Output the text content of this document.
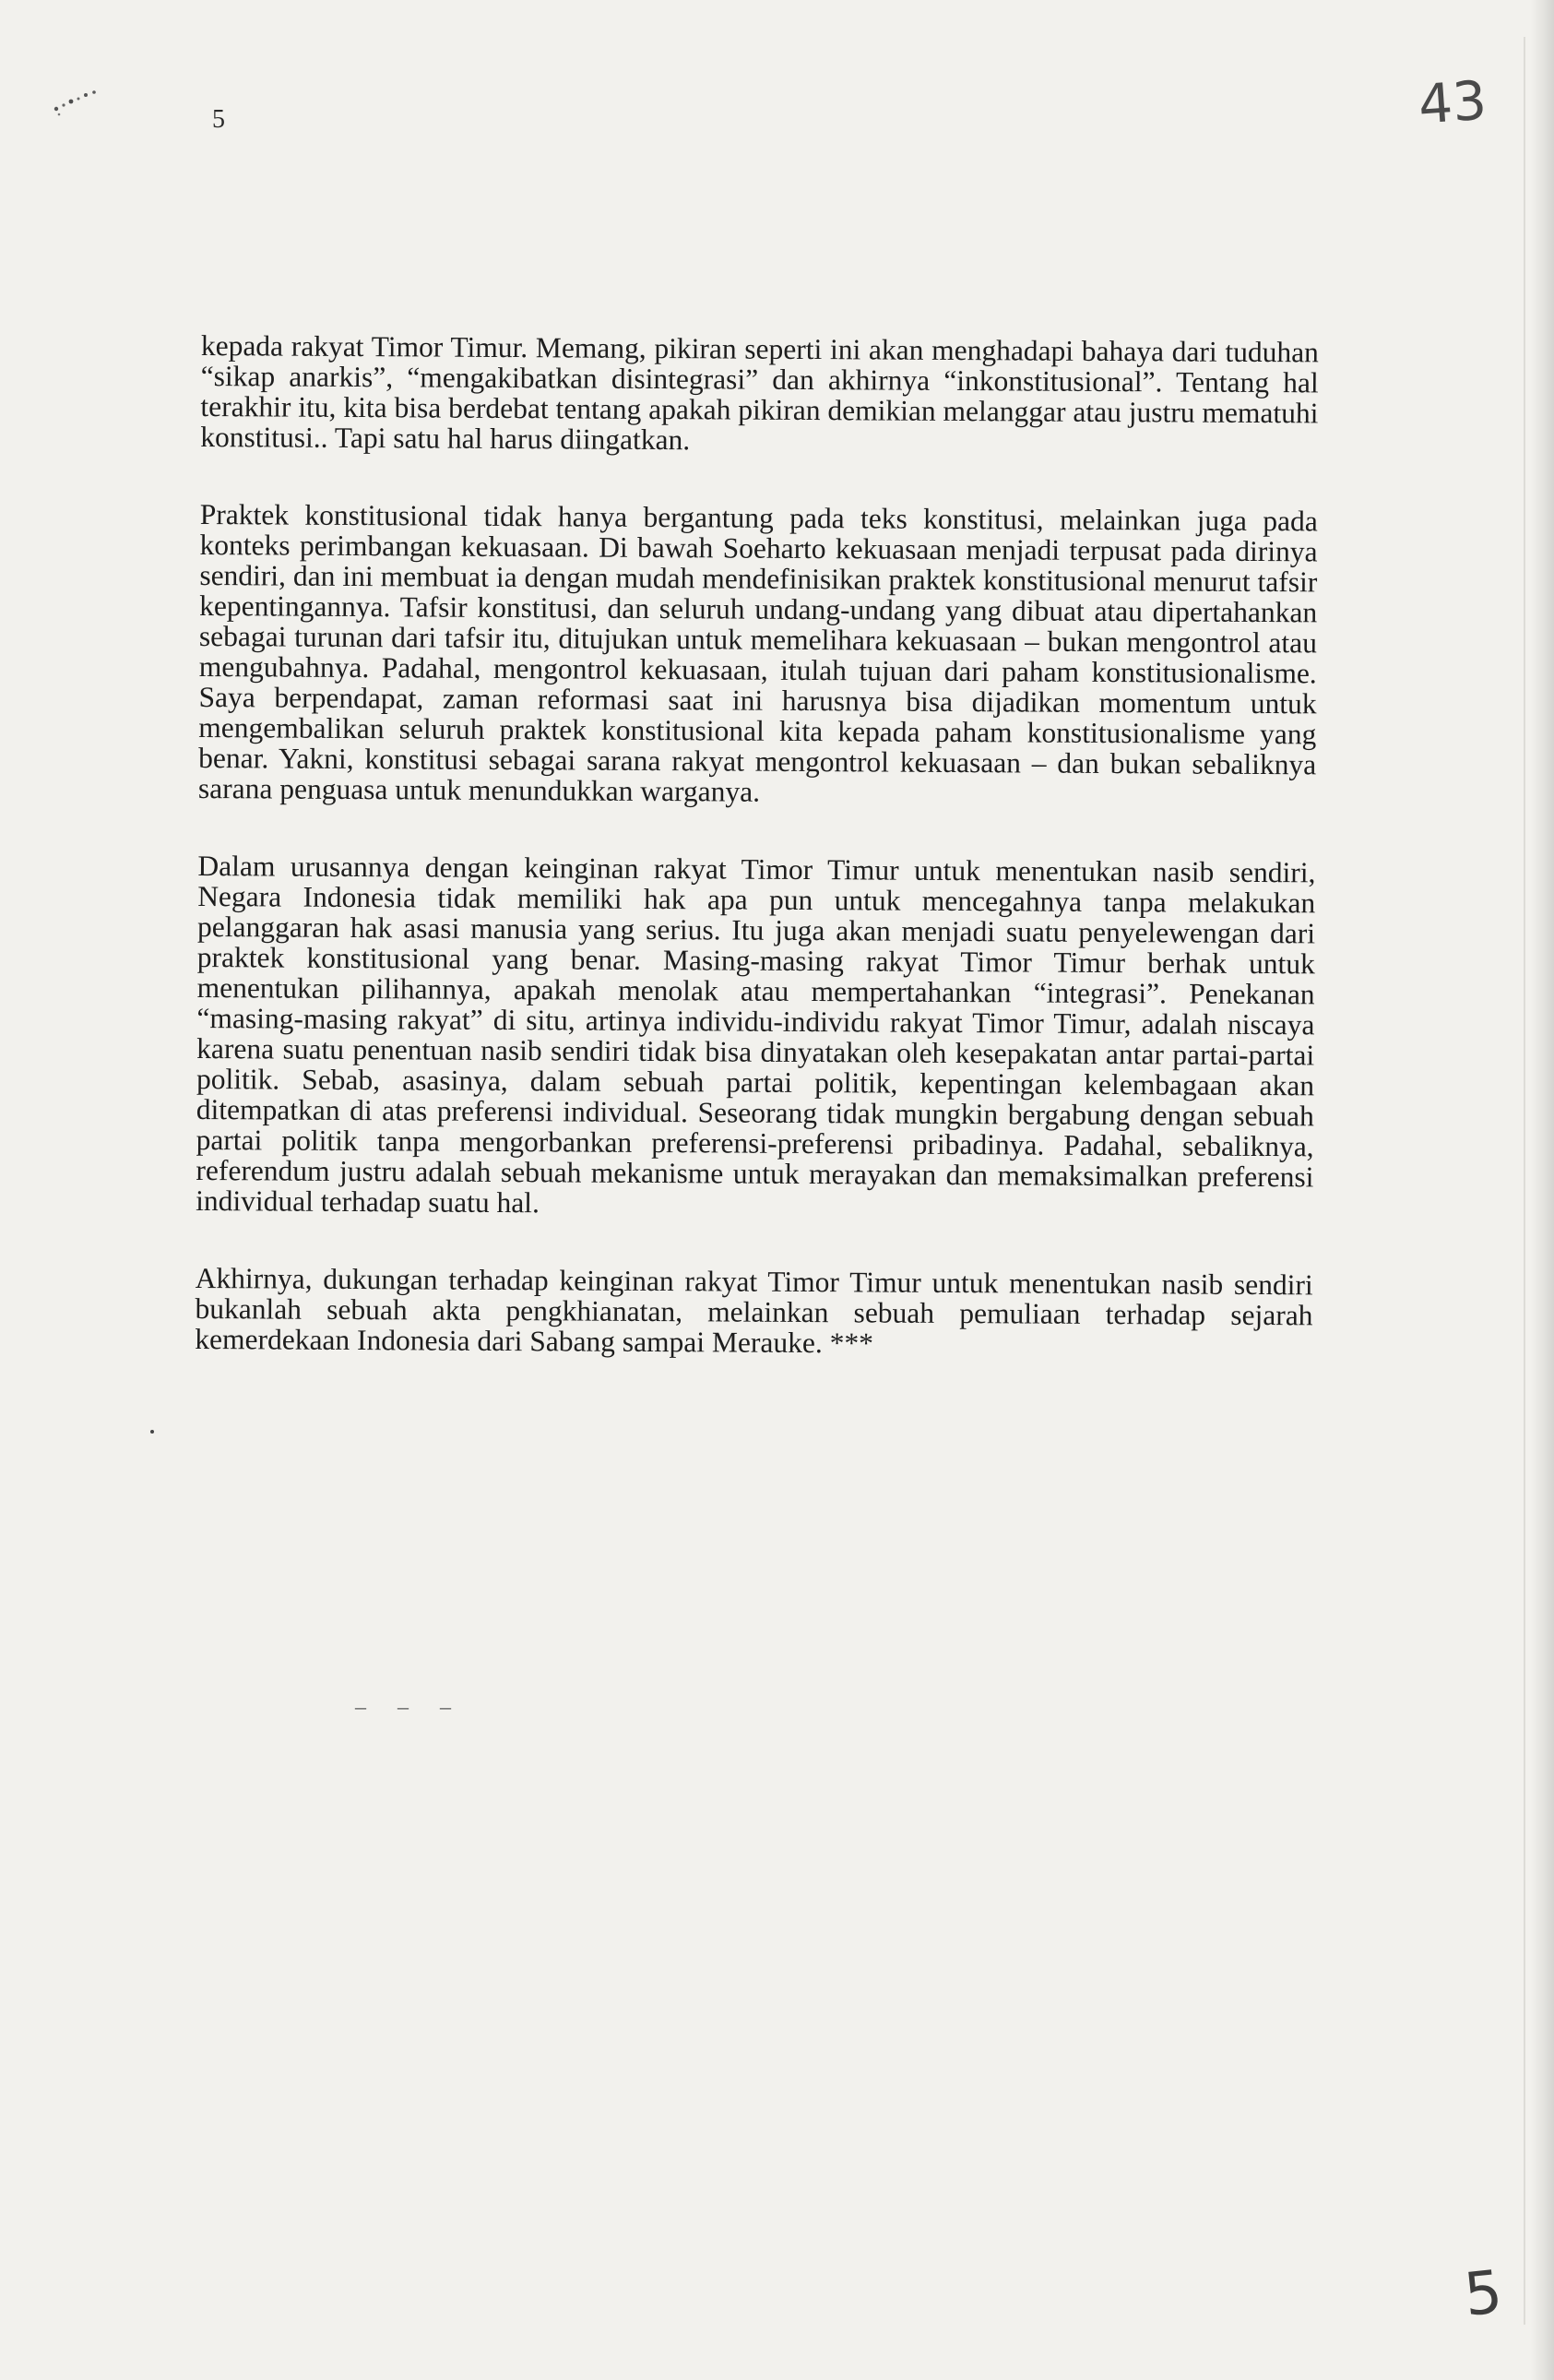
5	43

kepada rakyat Timor Timur. Memang, pikiran seperti ini akan menghadapi bahaya dari tuduhan “sikap anarkis”, “mengakibatkan disintegrasi” dan akhirnya “inkonstitusional”. Tentang hal terakhir itu, kita bisa berdebat tentang apakah pikiran demikian melanggar atau justru mematuhi konstitusi.. Tapi satu hal harus diingatkan.

Praktek konstitusional tidak hanya bergantung pada teks konstitusi, melainkan juga pada konteks perimbangan kekuasaan. Di bawah Soeharto kekuasaan menjadi terpusat pada dirinya sendiri, dan ini membuat ia dengan mudah mendefinisikan praktek konstitusional menurut tafsir kepentingannya. Tafsir konstitusi, dan seluruh undang-undang yang dibuat atau dipertahankan sebagai turunan dari tafsir itu, ditujukan untuk memelihara kekuasaan – bukan mengontrol atau mengubahnya. Padahal, mengontrol kekuasaan, itulah tujuan dari paham konstitusionalisme. Saya berpendapat, zaman reformasi saat ini harusnya bisa dijadikan momentum untuk mengembalikan seluruh praktek konstitusional kita kepada paham konstitusionalisme yang benar. Yakni, konstitusi sebagai sarana rakyat mengontrol kekuasaan – dan bukan sebaliknya sarana penguasa untuk menundukkan warganya.

Dalam urusannya dengan keinginan rakyat Timor Timur untuk menentukan nasib sendiri, Negara Indonesia tidak memiliki hak apa pun untuk mencegahnya tanpa melakukan pelanggaran hak asasi manusia yang serius. Itu juga akan menjadi suatu penyelewengan dari praktek konstitusional yang benar. Masing-masing rakyat Timor Timur berhak untuk menentukan pilihannya, apakah menolak atau mempertahankan “integrasi”. Penekanan “masing-masing rakyat” di situ, artinya individu-individu rakyat Timor Timur, adalah niscaya karena suatu penentuan nasib sendiri tidak bisa dinyatakan oleh kesepakatan antar partai-partai politik. Sebab, asasinya, dalam sebuah partai politik, kepentingan kelembagaan akan ditempatkan di atas preferensi individual. Seseorang tidak mungkin bergabung dengan sebuah partai politik tanpa mengorbankan preferensi-preferensi pribadinya. Padahal, sebaliknya, referendum justru adalah sebuah mekanisme untuk merayakan dan memaksimalkan preferensi individual terhadap suatu hal.

Akhirnya, dukungan terhadap keinginan rakyat Timor Timur untuk menentukan nasib sendiri bukanlah sebuah akta pengkhianatan, melainkan sebuah pemuliaan terhadap sejarah kemerdekaan Indonesia dari Sabang sampai Merauke. ***

– – –
5
